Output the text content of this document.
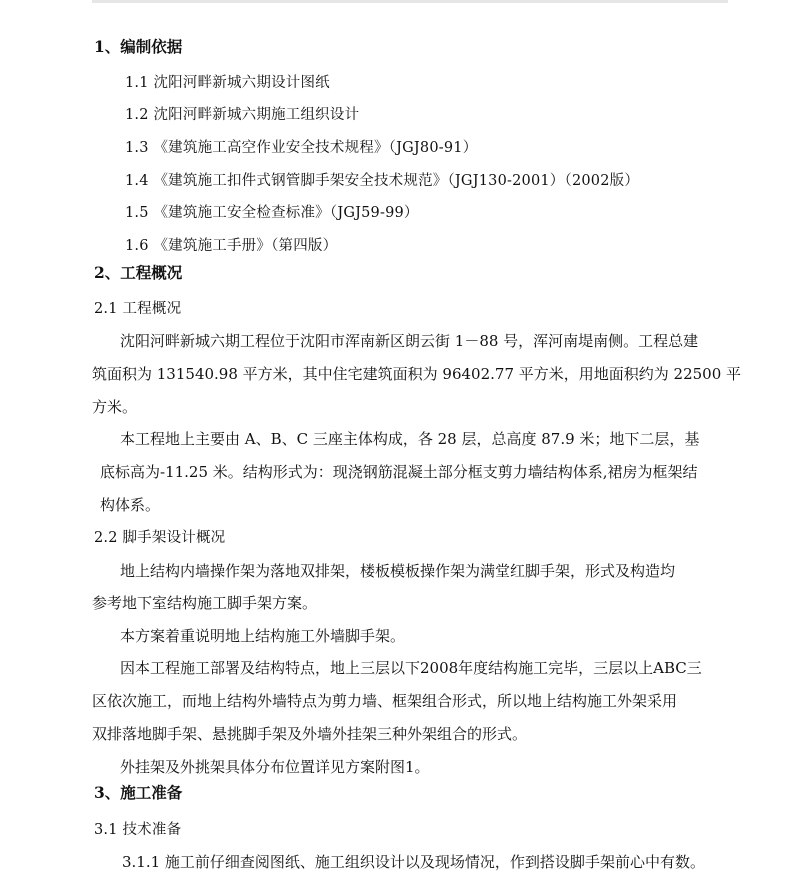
1、编制依据
1.1 沈阳河畔新城六期设计图纸
1.2 沈阳河畔新城六期施工组织设计
1.3 《建筑施工高空作业安全技术规程》（JGJ80-91）
1.4 《建筑施工扣件式钢管脚手架安全技术规范》（JGJ130-2001）（2002版）
1.5 《建筑施工安全检查标准》（JGJ59-99）
1.6 《建筑施工手册》（第四版）
2、工程概况
2.1 工程概况
沈阳河畔新城六期工程位于沈阳市浑南新区朗云街 1－88 号，浑河南堤南侧。工程总建
筑面积为 131540.98 平方米，其中住宅建筑面积为 96402.77 平方米，用地面积约为 22500 平
方米。
本工程地上主要由 A、B、C 三座主体构成，各 28 层，总高度 87.9 米；地下二层，基
底标高为-11.25 米。结构形式为：现浇钢筋混凝土部分框支剪力墙结构体系,裙房为框架结
构体系。
2.2 脚手架设计概况
地上结构内墙操作架为落地双排架，楼板模板操作架为满堂红脚手架，形式及构造均
参考地下室结构施工脚手架方案。
本方案着重说明地上结构施工外墙脚手架。
因本工程施工部署及结构特点，地上三层以下2008年度结构施工完毕，三层以上ABC三
区依次施工，而地上结构外墙特点为剪力墙、框架组合形式，所以地上结构施工外架采用
双排落地脚手架、悬挑脚手架及外墙外挂架三种外架组合的形式。
外挂架及外挑架具体分布位置详见方案附图1。
3、施工准备
3.1 技术准备
3.1.1 施工前仔细查阅图纸、施工组织设计以及现场情况，作到搭设脚手架前心中有数。
